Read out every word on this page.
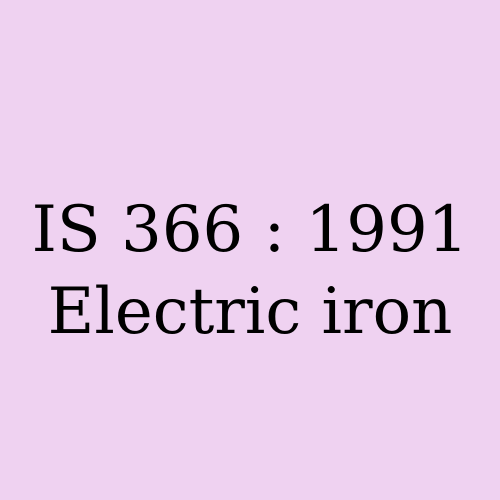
IS 366 : 1991
Electric iron
